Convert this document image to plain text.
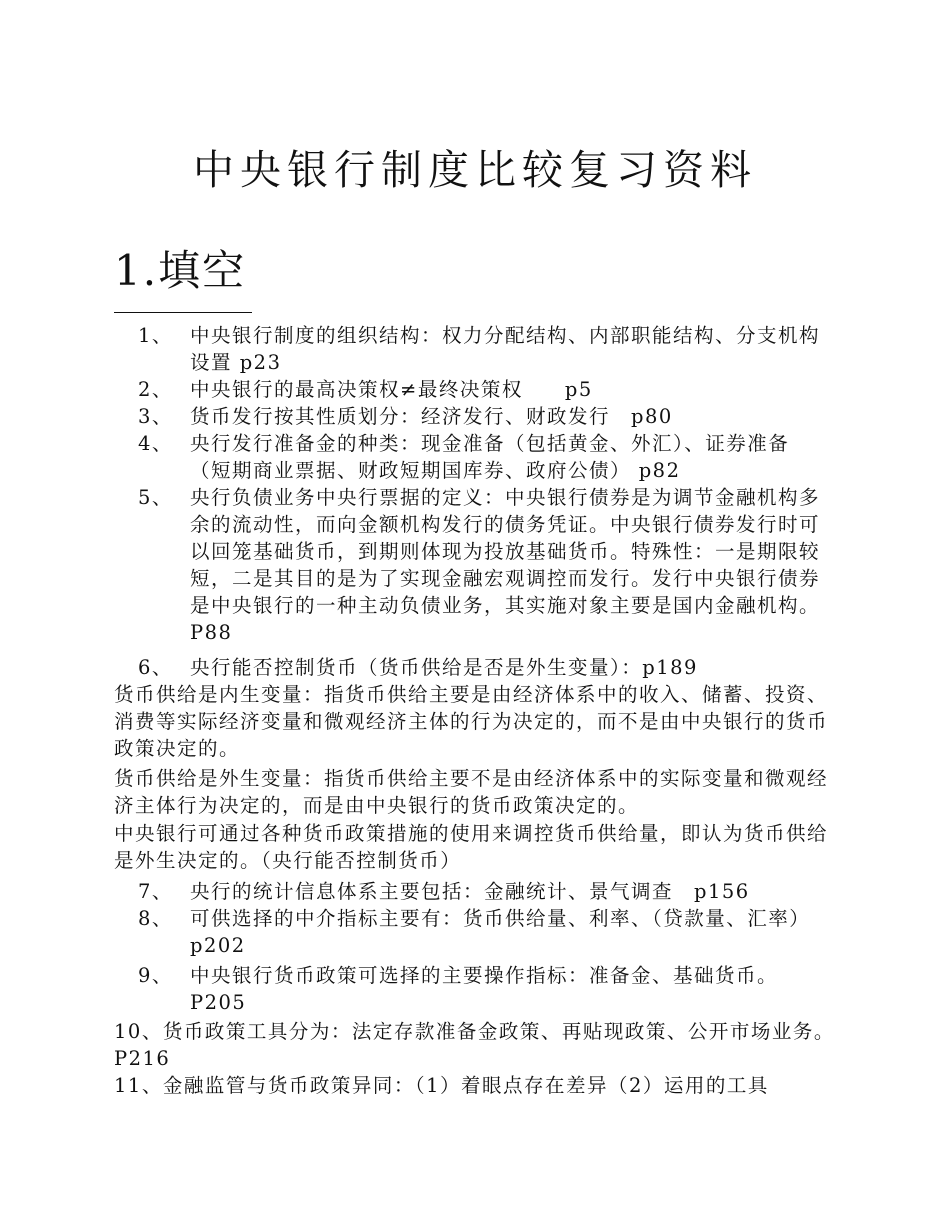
中央银行制度比较复习资料
1.填空
1、 中央银行制度的组织结构：权力分配结构、内部职能结构、分支机构设置 p23
2、 中央银行的最高决策权≠最终决策权　　p5
3、 货币发行按其性质划分：经济发行、财政发行　p80
4、 央行发行准备金的种类：现金准备（包括黄金、外汇）、证券准备（短期商业票据、财政短期国库券、政府公债） p82
5、 央行负债业务中央行票据的定义：中央银行债券是为调节金融机构多余的流动性，而向金额机构发行的债务凭证。中央银行债券发行时可以回笼基础货币，到期则体现为投放基础货币。特殊性：一是期限较短，二是其目的是为了实现金融宏观调控而发行。发行中央银行债券是中央银行的一种主动负债业务，其实施对象主要是国内金融机构。P88
6、 央行能否控制货币（货币供给是否是外生变量）：p189
货币供给是内生变量：指货币供给主要是由经济体系中的收入、储蓄、投资、消费等实际经济变量和微观经济主体的行为决定的，而不是由中央银行的货币政策决定的。
货币供给是外生变量：指货币供给主要不是由经济体系中的实际变量和微观经济主体行为决定的，而是由中央银行的货币政策决定的。
中央银行可通过各种货币政策措施的使用来调控货币供给量，即认为货币供给是外生决定的。（央行能否控制货币）
7、 央行的统计信息体系主要包括：金融统计、景气调查　p156
8、 可供选择的中介指标主要有：货币供给量、利率、（贷款量、汇率）p202
9、 中央银行货币政策可选择的主要操作指标：准备金、基础货币。 P205
10、货币政策工具分为：法定存款准备金政策、再贴现政策、公开市场业务。P216
11、金融监管与货币政策异同：（1）着眼点存在差异（2）运用的工具
